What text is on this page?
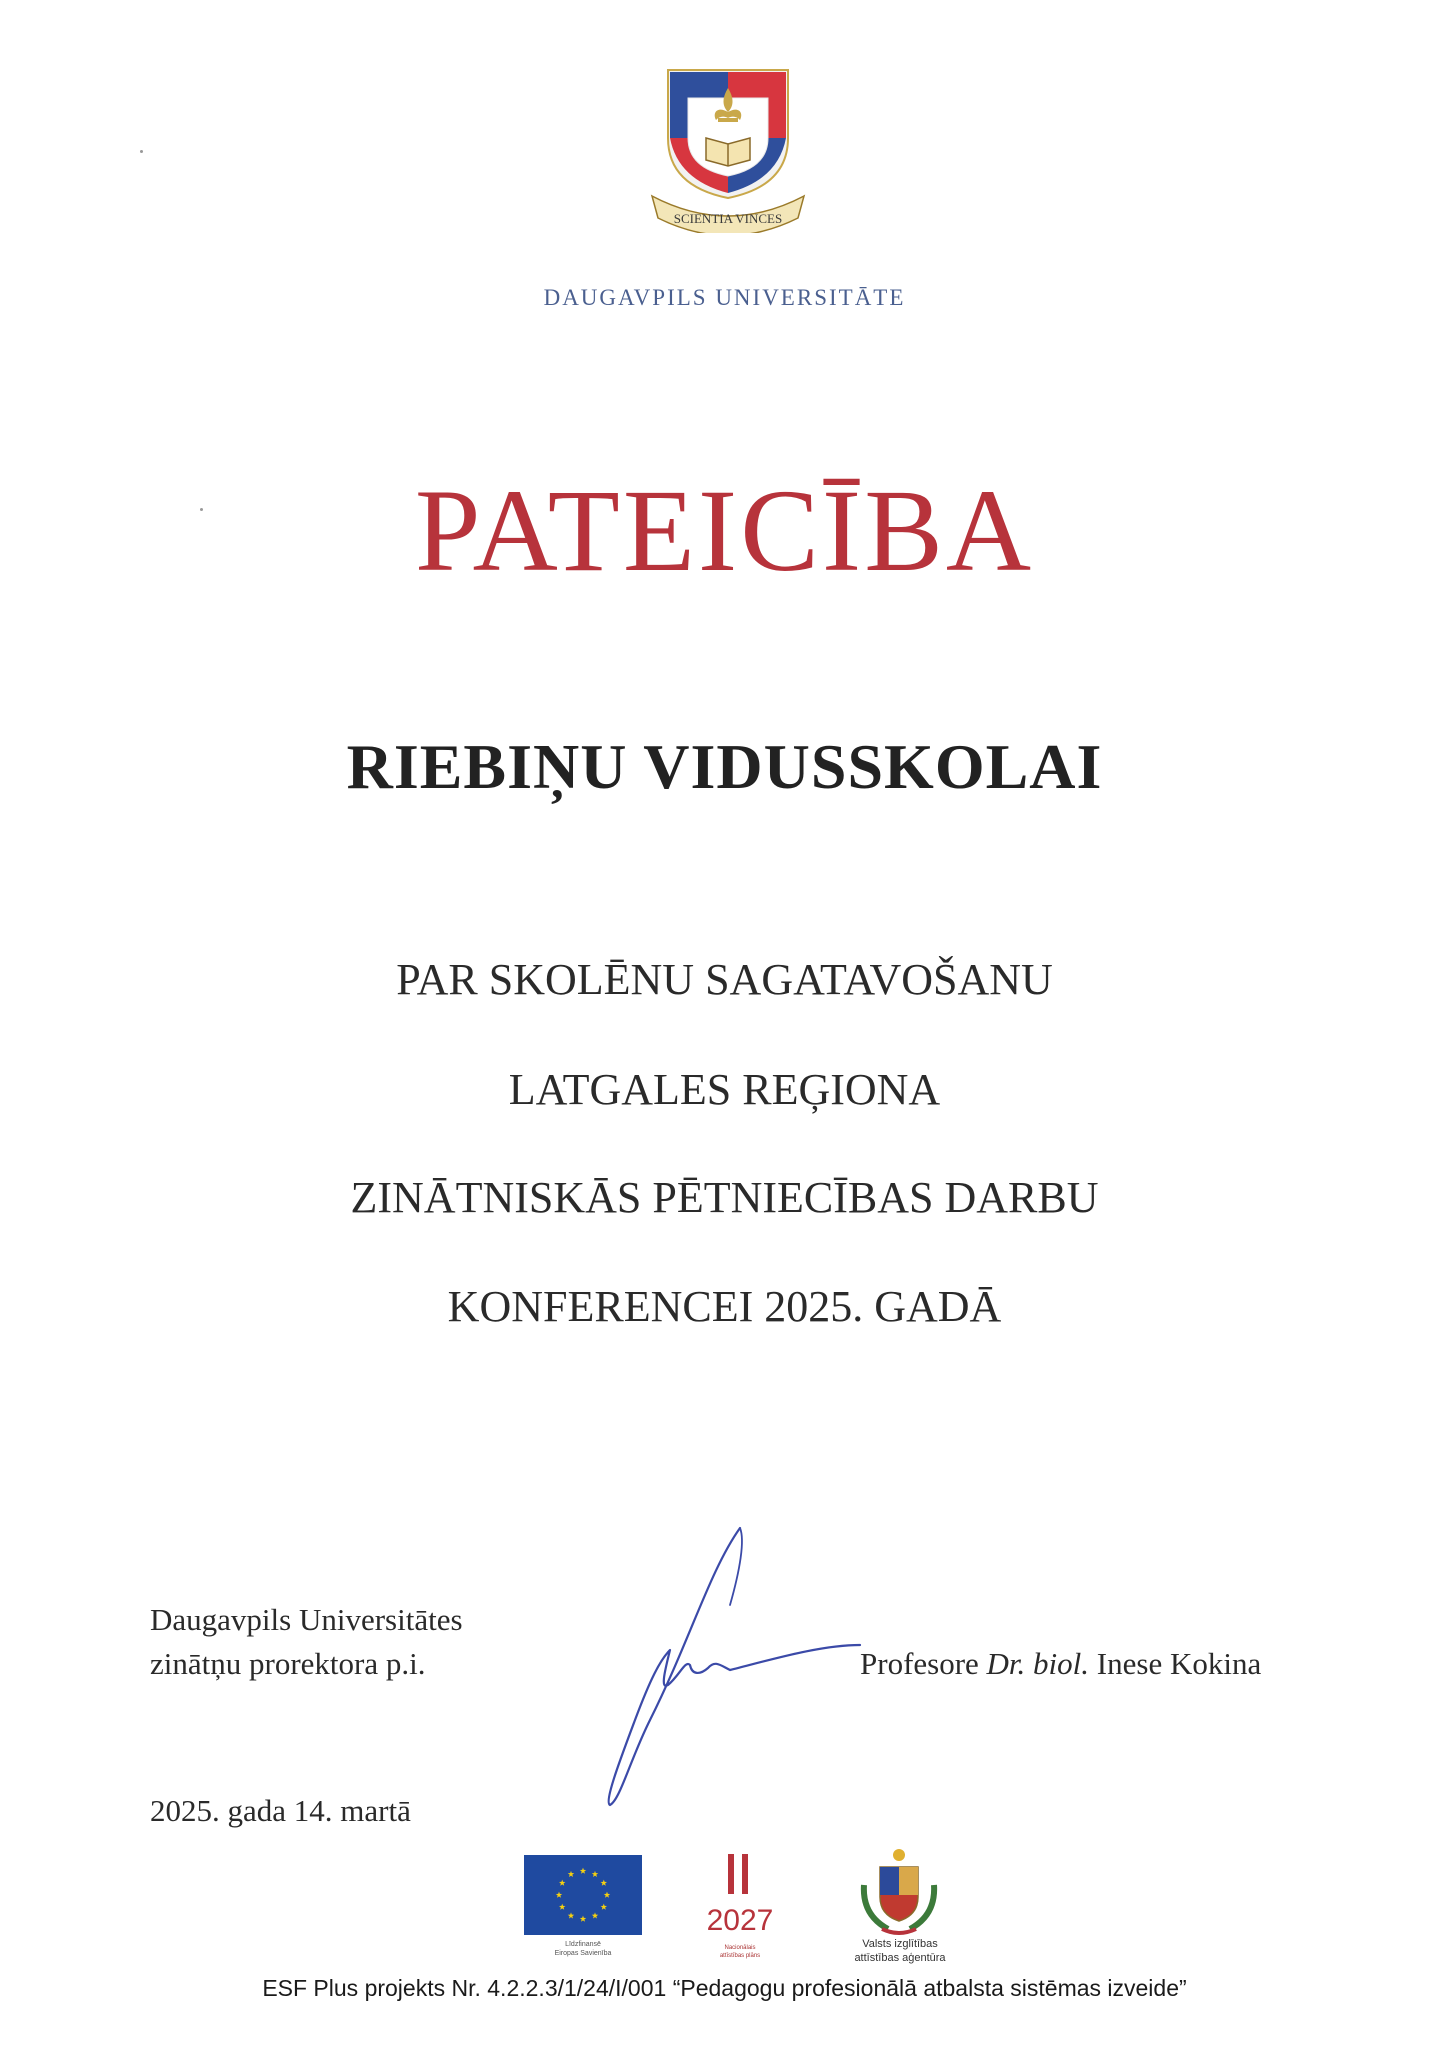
SCIENTIA VINCES
DAUGAVPILS UNIVERSITĀTE
PATEICĪBA
RIEBIŅU VIDUSSKOLAI
PAR SKOLĒNU SAGATAVOŠANU
LATGALES REĢIONA
ZINĀTNISKĀS PĒTNIECĪBAS DARBU
KONFERENCEI 2025. GADĀ
Daugavpils Universitātes
zinātņu prorektora p.i.	Profesore Dr. biol. Inese Kokina
2025. gada 14. martā
Līdzfinansē
Eiropas Savienība
2027
Nacionālais
attīstības plāns
Valsts izglītības
attīstības aģentūra
ESF Plus projekts Nr. 4.2.2.3/1/24/I/001 “Pedagogu profesionālā atbalsta sistēmas izveide”
